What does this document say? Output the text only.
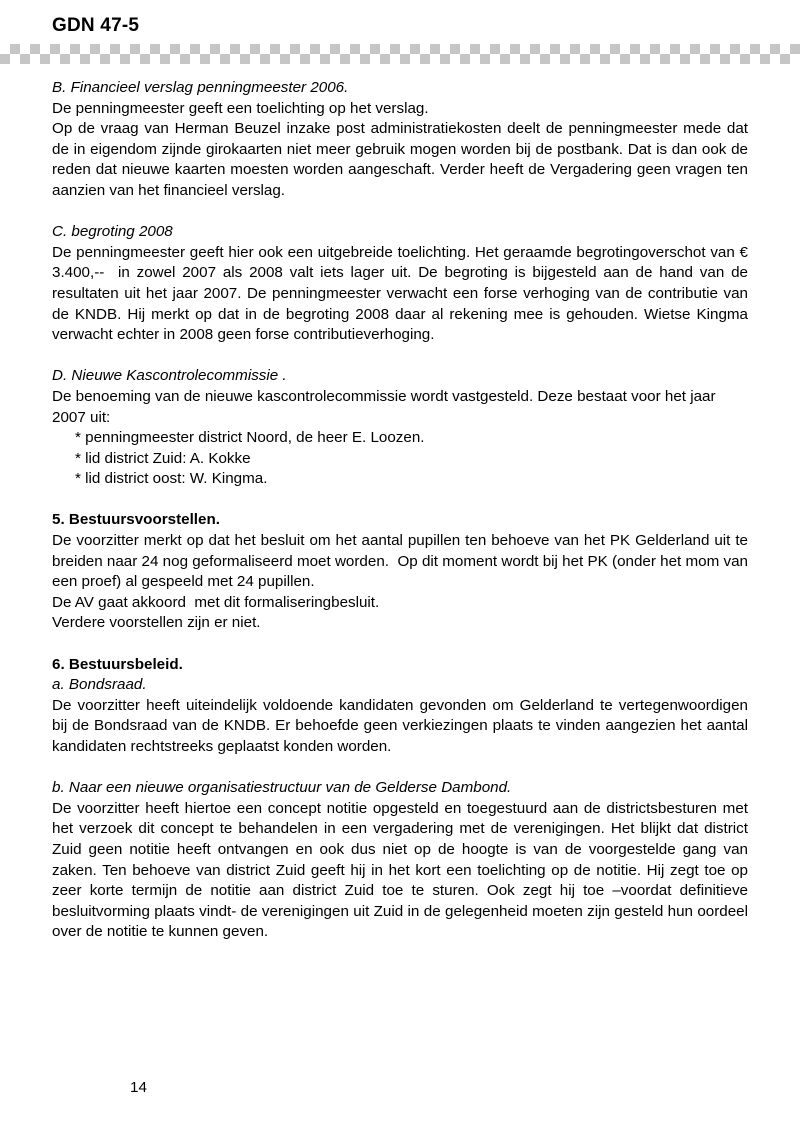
GDN 47-5
B. Financieel verslag penningmeester 2006.
De penningmeester geeft een toelichting op het verslag.
Op de vraag van Herman Beuzel inzake post administratiekosten deelt de penningmeester mede dat de in eigendom zijnde girokaarten niet meer gebruik mogen worden bij de postbank. Dat is dan ook de reden dat nieuwe kaarten moesten worden aangeschaft. Verder heeft de Vergadering geen vragen ten aanzien van het financieel verslag.
C. begroting 2008
De penningmeester geeft hier ook een uitgebreide toelichting. Het geraamde begrotingoverschot van € 3.400,--  in zowel 2007 als 2008 valt iets lager uit. De begroting is bijgesteld aan de hand van de resultaten uit het jaar 2007. De penningmeester verwacht een forse verhoging van de contributie van de KNDB. Hij merkt op dat in de begroting 2008 daar al rekening mee is gehouden. Wietse Kingma verwacht echter in 2008 geen forse contributieverhoging.
D. Nieuwe Kascontrolecommissie .
De benoeming van de nieuwe kascontrolecommissie wordt vastgesteld. Deze bestaat voor het jaar 2007 uit:
* penningmeester district Noord, de heer E. Loozen.
* lid district Zuid: A. Kokke
* lid district oost: W. Kingma.
5. Bestuursvoorstellen.
De voorzitter merkt op dat het besluit om het aantal pupillen ten behoeve van het PK Gelderland uit te breiden naar 24 nog geformaliseerd moet worden.  Op dit moment wordt bij het PK (onder het mom van een proef) al gespeeld met 24 pupillen.
De AV gaat akkoord  met dit formaliseringbesluit.
Verdere voorstellen zijn er niet.
6. Bestuursbeleid.
a. Bondsraad.
De voorzitter heeft uiteindelijk voldoende kandidaten gevonden om Gelderland te vertegenwoordigen bij de Bondsraad van de KNDB. Er behoefde geen verkiezingen plaats te vinden aangezien het aantal kandidaten rechtstreeks geplaatst konden worden.
b. Naar een nieuwe organisatiestructuur van de Gelderse Dambond.
De voorzitter heeft hiertoe een concept notitie opgesteld en toegestuurd aan de districtsbesturen met het verzoek dit concept te behandelen in een vergadering met de verenigingen. Het blijkt dat district Zuid geen notitie heeft ontvangen en ook dus niet op de hoogte is van de voorgestelde gang van zaken. Ten behoeve van district Zuid geeft hij in het kort een toelichting op de notitie. Hij zegt toe op zeer korte termijn de notitie aan district Zuid toe te sturen. Ook zegt hij toe –voordat definitieve besluitvorming plaats vindt- de verenigingen uit Zuid in de gelegenheid moeten zijn gesteld hun oordeel over de notitie te kunnen geven.
14
